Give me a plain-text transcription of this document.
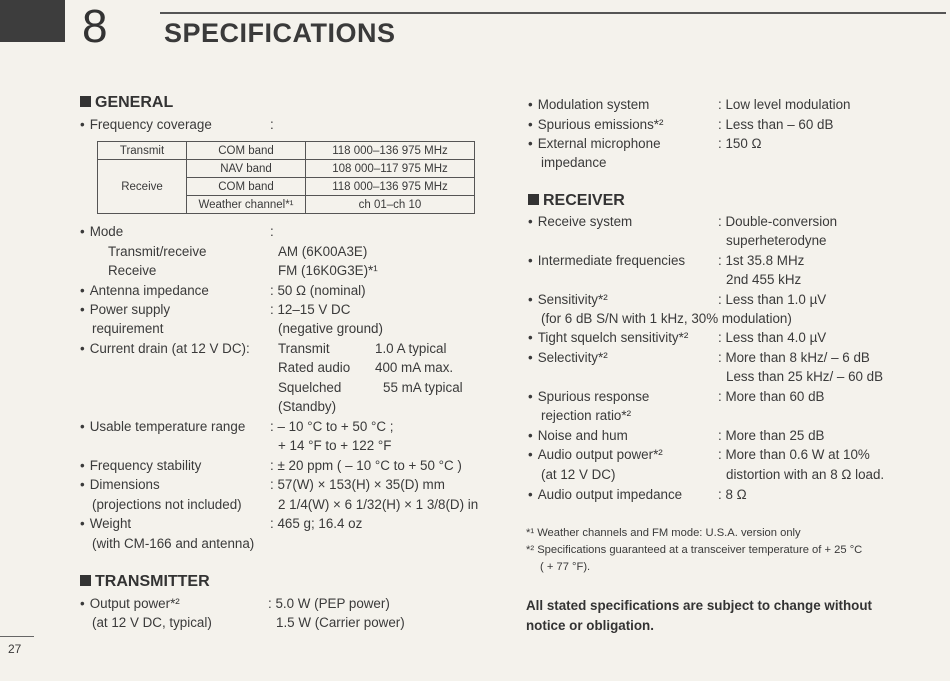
8 SPECIFICATIONS
GENERAL
• Frequency coverage	:
Transmit	COM band	118 000–136 975 MHz
Receive	NAV band	108 000–117 975 MHz
	COM band	118 000–136 975 MHz
	Weather channel*¹	ch 01–ch 10
• Mode	:
Transmit/receive	AM (6K00A3E)
Receive	FM (16K0G3E)*¹
• Antenna impedance	: 50 Ω (nominal)
• Power supply	: 12–15 V DC
requirement	(negative ground)
• Current drain (at 12 V DC): Transmit	1.0 A typical
Rated audio 400 mA max.
Squelched	55 mA typical
(Standby)
• Usable temperature range : – 10 °C to + 50 °C ;
+ 14 °F to + 122 °F
• Frequency stability	: ± 20 ppm ( – 10 °C to + 50 °C )
• Dimensions	: 57(W) × 153(H) × 35(D) mm
(projections not included)	2 1/4(W) × 6 1/32(H) × 1 3/8(D) in
• Weight	: 465 g; 16.4 oz
(with CM-166 and antenna)
TRANSMITTER
• Output power*²	: 5.0 W (PEP power)
(at 12 V DC, typical)	1.5 W (Carrier power)
• Modulation system	: Low level modulation
• Spurious emissions*²	: Less than – 60 dB
• External microphone	: 150 Ω
impedance
RECEIVER
• Receive system	: Double-conversion
superheterodyne
• Intermediate frequencies : 1st 35.8 MHz
2nd 455 kHz
• Sensitivity*²	: Less than 1.0 µV
(for 6 dB S/N with 1 kHz, 30% modulation)
• Tight squelch sensitivity*² : Less than 4.0 µV
• Selectivity*²	: More than 8 kHz/ – 6 dB
Less than 25 kHz/ – 60 dB
• Spurious response	: More than 60 dB
rejection ratio*²
• Noise and hum	: More than 25 dB
• Audio output power*²	: More than 0.6 W at 10%
(at 12 V DC)	distortion with an 8 Ω load.
• Audio output impedance	: 8 Ω
*¹ Weather channels and FM mode: U.S.A. version only
*² Specifications guaranteed at a transceiver temperature of + 25 °C
( + 77 °F).
All stated specifications are subject to change without
notice or obligation.
27
